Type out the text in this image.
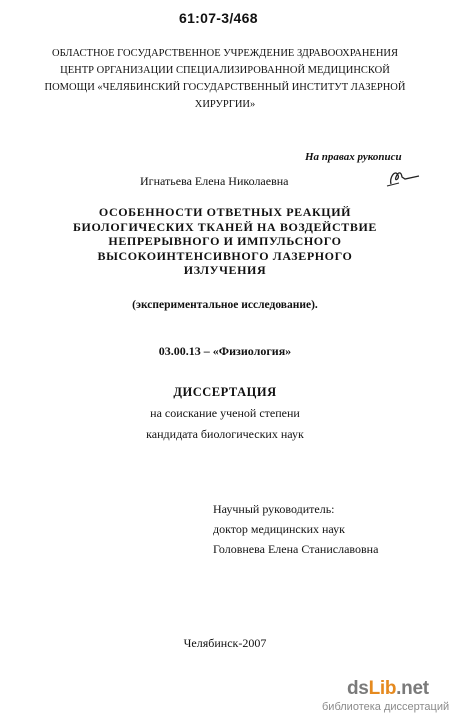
61:07-3/468
ОБЛАСТНОЕ ГОСУДАРСТВЕННОЕ УЧРЕЖДЕНИЕ ЗДРАВООХРАНЕНИЯ
ЦЕНТР ОРГАНИЗАЦИИ СПЕЦИАЛИЗИРОВАННОЙ МЕДИЦИНСКОЙ
ПОМОЩИ «ЧЕЛЯБИНСКИЙ ГОСУДАРСТВЕННЫЙ ИНСТИТУТ ЛАЗЕРНОЙ
ХИРУРГИИ»
На правах рукописи
Игнатьева Елена Николаевна
ОСОБЕННОСТИ ОТВЕТНЫХ РЕАКЦИЙ
БИОЛОГИЧЕСКИХ ТКАНЕЙ НА ВОЗДЕЙСТВИЕ
НЕПРЕРЫВНОГО И ИМПУЛЬСНОГО
ВЫСОКОИНТЕНСИВНОГО ЛАЗЕРНОГО
ИЗЛУЧЕНИЯ
(экспериментальное исследование).
03.00.13 – «Физиология»
ДИССЕРТАЦИЯ
на соискание ученой степени
кандидата биологических наук
Научный руководитель:
доктор медицинских наук
Головнева Елена Станиславовна
Челябинск-2007
dsLib.net
библиотека диссертаций
